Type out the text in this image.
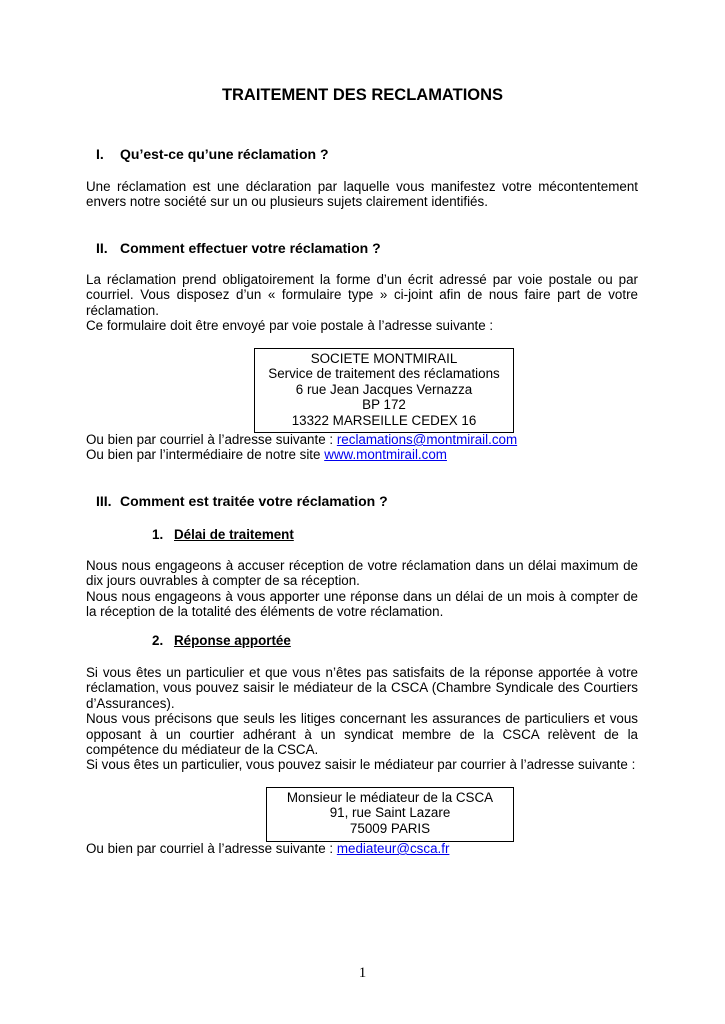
TRAITEMENT DES RECLAMATIONS
I. Qu’est-ce qu’une réclamation ?
Une réclamation est une déclaration par laquelle vous manifestez votre mécontentement
envers notre société sur un ou plusieurs sujets clairement identifiés.
II. Comment effectuer votre réclamation ?
La réclamation prend obligatoirement la forme d’un écrit adressé par voie postale ou par
courriel. Vous disposez d’un « formulaire type » ci-joint afin de nous faire part de votre
réclamation.
Ce formulaire doit être envoyé par voie postale à l’adresse suivante :
SOCIETE MONTMIRAIL
Service de traitement des réclamations
6 rue Jean Jacques Vernazza
BP 172
13322 MARSEILLE CEDEX 16
Ou bien par courriel à l’adresse suivante : reclamations@montmirail.com
Ou bien par l’intermédiaire de notre site www.montmirail.com
III. Comment est traitée votre réclamation ?
1. Délai de traitement
Nous nous engageons à accuser réception de votre réclamation dans un délai maximum de
dix jours ouvrables à compter de sa réception.
Nous nous engageons à vous apporter une réponse dans un délai de un mois à compter de
la réception de la totalité des éléments de votre réclamation.
2. Réponse apportée
Si vous êtes un particulier et que vous n’êtes pas satisfaits de la réponse apportée à votre
réclamation, vous pouvez saisir le médiateur de la CSCA (Chambre Syndicale des Courtiers
d’Assurances).
Nous vous précisons que seuls les litiges concernant les assurances de particuliers et vous
opposant à un courtier adhérant à un syndicat membre de la CSCA relèvent de la
compétence du médiateur de la CSCA.
Si vous êtes un particulier, vous pouvez saisir le médiateur par courrier à l’adresse suivante :
Monsieur le médiateur de la CSCA
91, rue Saint Lazare
75009 PARIS
Ou bien par courriel à l’adresse suivante : mediateur@csca.fr
1
